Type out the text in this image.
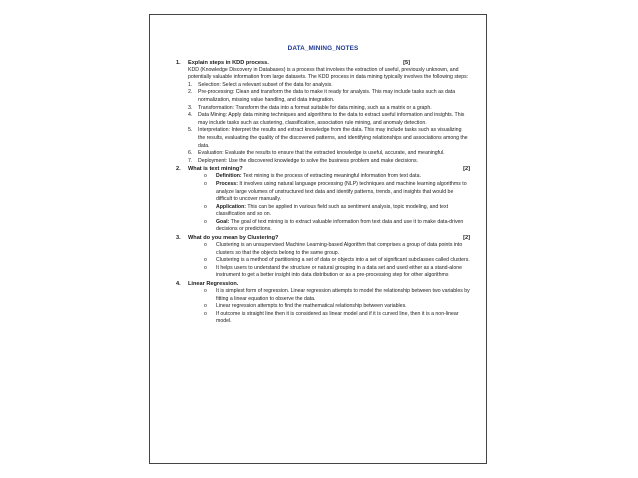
DATA_MINING_NOTES
1.	Explain steps in KDD process.	[5]
KDD (Knowledge Discovery in Databases) is a process that involves the extraction of useful, previously unknown, and potentially valuable information from large datasets. The KDD process in data mining typically involves the following steps:
1.	Selection: Select a relevant subset of the data for analysis.
2.	Pre-processing: Clean and transform the data to make it ready for analysis. This may include tasks such as data normalization, missing value handling, and data integration.
3.	Transformation: Transform the data into a format suitable for data mining, such as a matrix or a graph.
4.	Data Mining: Apply data mining techniques and algorithms to the data to extract useful information and insights. This may include tasks such as clustering, classification, association rule mining, and anomaly detection.
5.	Interpretation: Interpret the results and extract knowledge from the data. This may include tasks such as visualizing the results, evaluating the quality of the discovered patterns, and identifying relationships and associations among the data.
6.	Evaluation: Evaluate the results to ensure that the extracted knowledge is useful, accurate, and meaningful.
7.	Deployment: Use the discovered knowledge to solve the business problem and make decisions.
2.	What is text mining?	[2]
o	Definition: Text mining is the process of extracting meaningful information from text data.
o	Process: It involves using natural language processing (NLP) techniques and machine learning algorithms to analyze large volumes of unstructured text data and identify patterns, trends, and insights that would be difficult to uncover manually.
o	Application: This can be applied in various field such as sentiment analysis, topic modeling, and text classification and so on.
o	Goal: The goal of text mining is to extract valuable information from text data and use it to make data-driven decisions or predictions.
3.	What do you mean by Clustering?	[2]
o	Clustering is an unsupervised Machine Learning-based Algorithm that comprises a group of data points into clusters so that the objects belong to the same group.
o	Clustering is a method of partitioning a set of data or objects into a set of significant subclasses called clusters.
o	It helps users to understand the structure or natural grouping in a data set and used either as a stand-alone instrument to get a better insight into data distribution or as a pre-processing step for other algorithms
4.	Linear Regression.
o	It is simplest form of regression. Linear regression attempts to model the relationship between two variables by fitting a linear equation to observe the data.
o	Linear regression attempts to find the mathematical relationship between variables.
o	If outcome is straight line then it is considered as linear model and if it is curved line, then it is a non-linear model.
